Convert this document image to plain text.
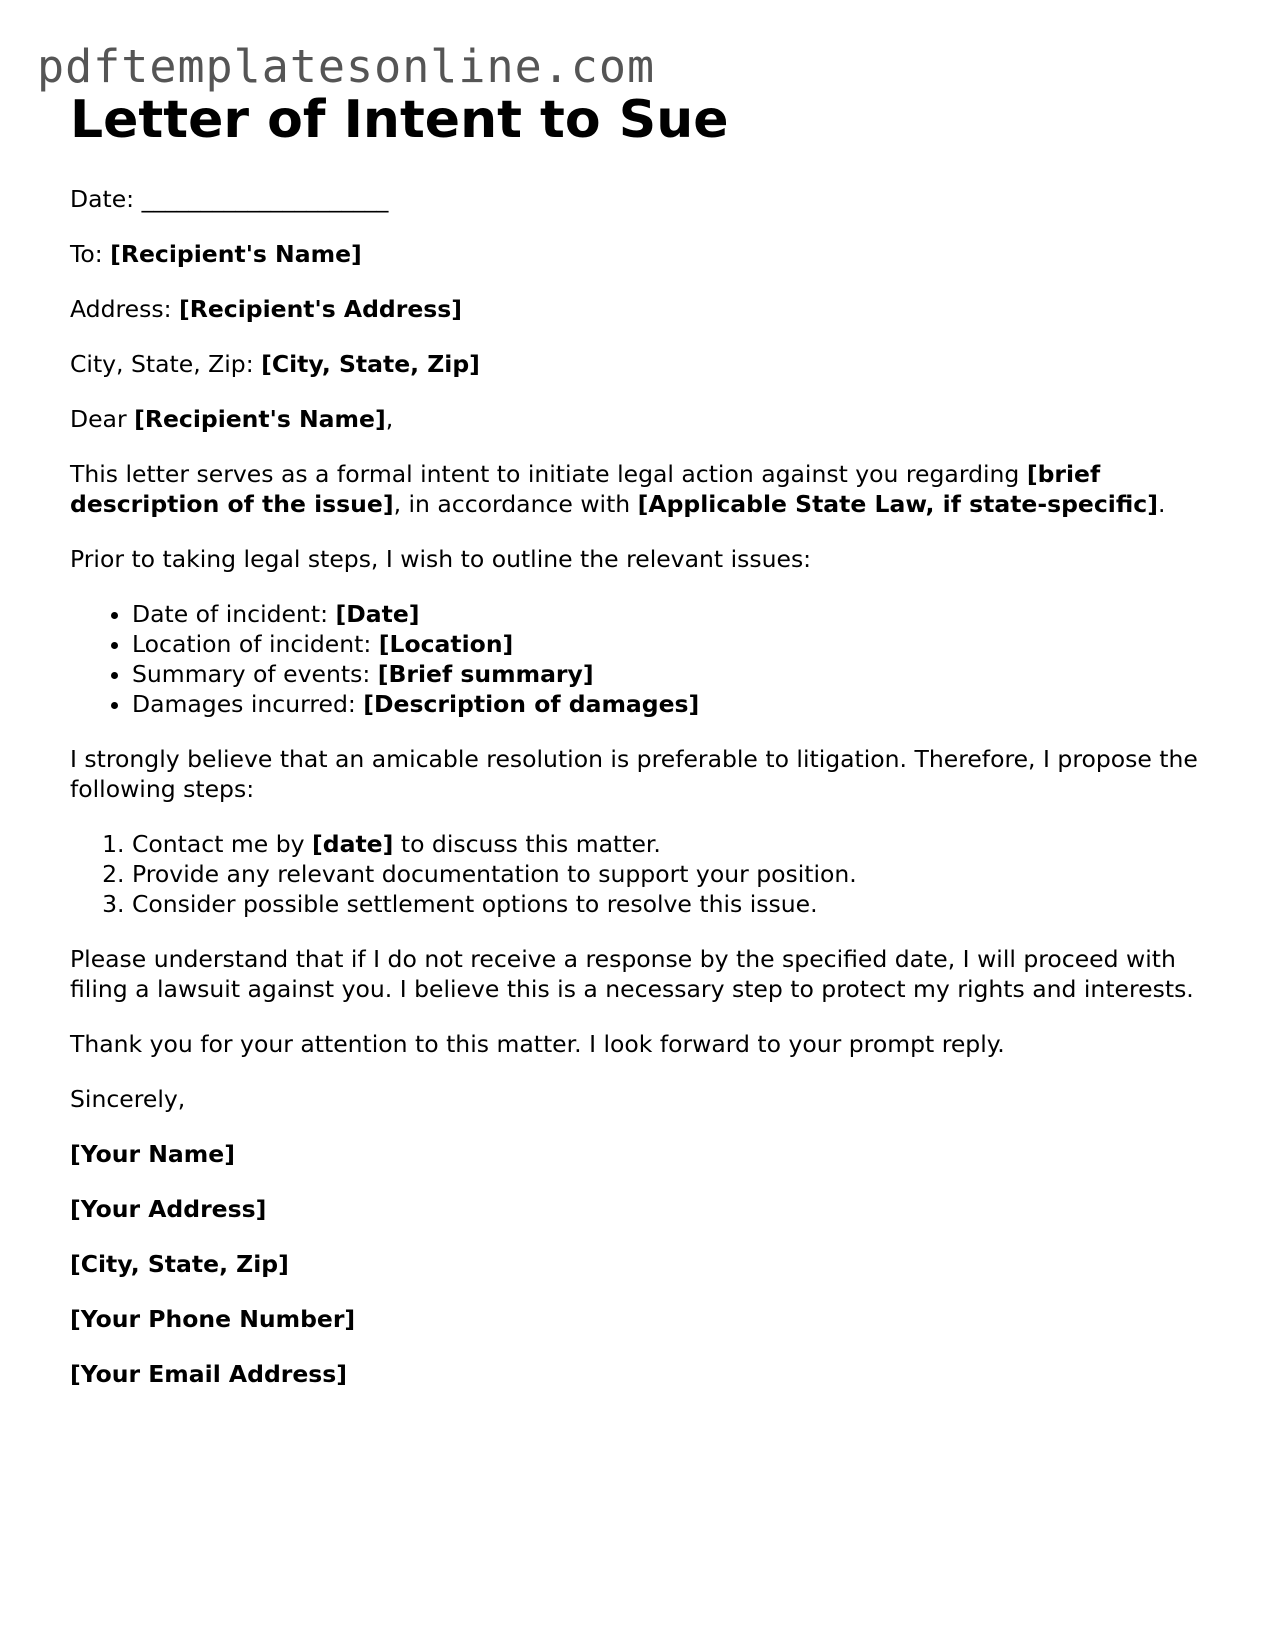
pdftemplatesonline.com
Letter of Intent to Sue

Date: _____________________

To: [Recipient's Name]

Address: [Recipient's Address]

City, State, Zip: [City, State, Zip]

Dear [Recipient's Name],

This letter serves as a formal intent to initiate legal action against you regarding [brief description of the issue], in accordance with [Applicable State Law, if state-specific].

Prior to taking legal steps, I wish to outline the relevant issues:

• Date of incident: [Date]
• Location of incident: [Location]
• Summary of events: [Brief summary]
• Damages incurred: [Description of damages]

I strongly believe that an amicable resolution is preferable to litigation. Therefore, I propose the following steps:

1. Contact me by [date] to discuss this matter.
2. Provide any relevant documentation to support your position.
3. Consider possible settlement options to resolve this issue.

Please understand that if I do not receive a response by the specified date, I will proceed with filing a lawsuit against you. I believe this is a necessary step to protect my rights and interests.

Thank you for your attention to this matter. I look forward to your prompt reply.

Sincerely,

[Your Name]

[Your Address]

[City, State, Zip]

[Your Phone Number]

[Your Email Address]
